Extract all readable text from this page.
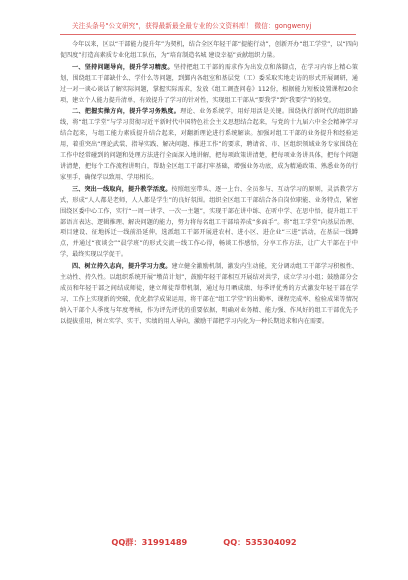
关注头条号"公文研究"，获得最新最全最专业的公文资料库！ 微信：gongwenyj

今年以来，区以“干部能力提升年”为契机，结合全区年轻干部“提能行动”，创新开办“组工学堂”，以“四向促四度”打造高素质专业化组工队伍，为“培育制造名城 建设幸福”贡献组织力量。

一、坚持问题导向，提升学习精度。坚持把组工干部的需求作为出发点和落脚点，在学习内容上精心策划，围绕组工干部缺什么、学什么等问题，到鄞内各组室和基层党（工）委采取实地走访的形式开展调研，通过一对一谈心谈话了解实际问题，掌握实际需求，发放《组工调查问卷》112份，根据能力短板设置课程20余项，建立个人能力提升清单，有效提升了学习的针对性，实现组工干部从“要我学”到“我要学”的转变。

二、把握实操方向，提升学习务熟度。理论、业务系统学，用好用活是关键。围绕执行新时代的组织路线，将“组工学堂”与学习贯彻习近平新时代中国特色社会主义思想结合起来，与党的十九届六中全会精神学习结合起来，与组工能力素质提升结合起来，对翻新理论进行系统解读。加强对组工干部的业务提升和经验运用，着重突出“理论武装、指导实践、解决问题、推进工作”的要求，聘请省、市、区组织领域业务专家围绕在工作中经常碰到的问题和处理方法进行全面深入地讲解，把每项政策讲清楚，把每项业务讲具体，把每个问题讲清楚，把每个工作流程讲明白，帮助全区组工干部打牢基础，增强业务功底，成为精通政策、熟悉业务的行家里手，确保学以致用、学用相长。

三、突出一线取向，提升教学活度。按照组室带头、逐一上台、全员参与、互动学习的原则，灵活教学方式，形成“人人都是老师，人人都是学生”的良好氛围。组织全区组工干部结合各自岗位职能、业务特点，紧密围绕区委中心工作，实行“一周一讲学、一次一主题”，实现干部在讲中练、在听中学、在思中悟，提升组工干部语言表达、逻辑推理、解决问题的能力，努力将每名组工干部培养成“多面手”。将“组工学堂”向基层治理、项目建设、征地拆迁一线前沿延伸，选派组工干部开展进农村、进小区、进企业“三进”活动，在基层一线蹲点，并通过“夜谈会”“晨学班”的形式交流一线工作心得，畅谈工作感悟，分享工作方法，让广大干部在于中学，最终实现以学促干。

四、树立持久志向，提升学习力度。建立健全激励机制，激发内生动能，充分调动组工干部学习积极性、主动性、持久性。以组织系统开展“墩苗计划”，鼓励年轻干部相互开展结对共学，成立学习小组；鼓励部分会成员和年轻干部之间结成师徒，建立师徒帮带机制，通过每月晒成绩、每季评优秀的方式激发年轻干部在学习、工作上实现新的突破，优化指学成果运用，将干部在“组工学堂”的出勤率、课程完成率、检验成果等情况纳入干部个人季度与年度考核，作为评先评优的重要依据，明确对业务精、能力强、作风好的组工干部优先予以提拔重用，树立实学、实干、实绩的用人导向，激励干部把学习内化为一种长期追求和内在需要。

QQ群：31991489	QQ：535304092
